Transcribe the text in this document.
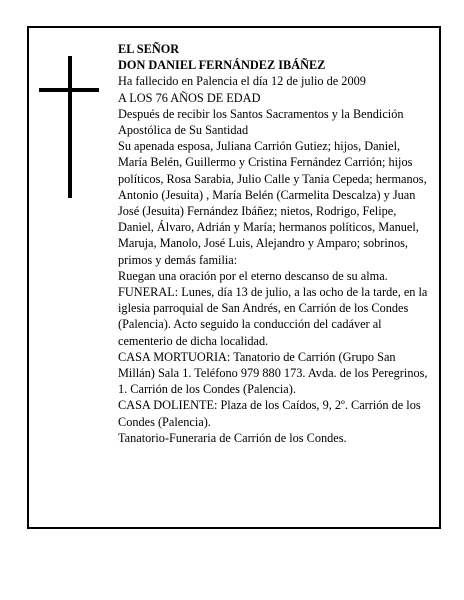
EL SEÑOR

DON DANIEL FERNÁNDEZ IBÁÑEZ

Ha fallecido en Palencia el día 12 de julio de 2009

A LOS 76 AÑOS DE EDAD

Después de recibir los Santos Sacramentos y la Bendición Apostólica de Su Santidad

Su apenada esposa, Juliana Carrión Gutiez; hijos, Daniel, María Belén, Guillermo y Cristina Fernández Carrión; hijos políticos, Rosa Sarabia, Julio Calle y Tania Cepeda; hermanos, Antonio (Jesuita) , María Belén (Carmelita Descalza) y Juan José (Jesuita) Fernández Ibáñez; nietos, Rodrigo, Felipe, Daniel, Álvaro, Adrián y María; hermanos políticos, Manuel, Maruja, Manolo, José Luis, Alejandro y Amparo; sobrinos, primos y demás familia:

Ruegan una oración por el eterno descanso de su alma.

FUNERAL: Lunes, día 13 de julio, a las ocho de la tarde, en la iglesia parroquial de San Andrés, en Carrión de los Condes (Palencia). Acto seguido la conducción del cadáver al cementerio de dicha localidad.

CASA MORTUORIA: Tanatorio de Carrión (Grupo San Millán) Sala 1. Teléfono 979 880 173. Avda. de los Peregrinos, 1. Carrión de los Condes (Palencia).

CASA DOLIENTE: Plaza de los Caídos, 9, 2º. Carrión de los Condes (Palencia).

Tanatorio-Funeraria de Carrión de los Condes.
